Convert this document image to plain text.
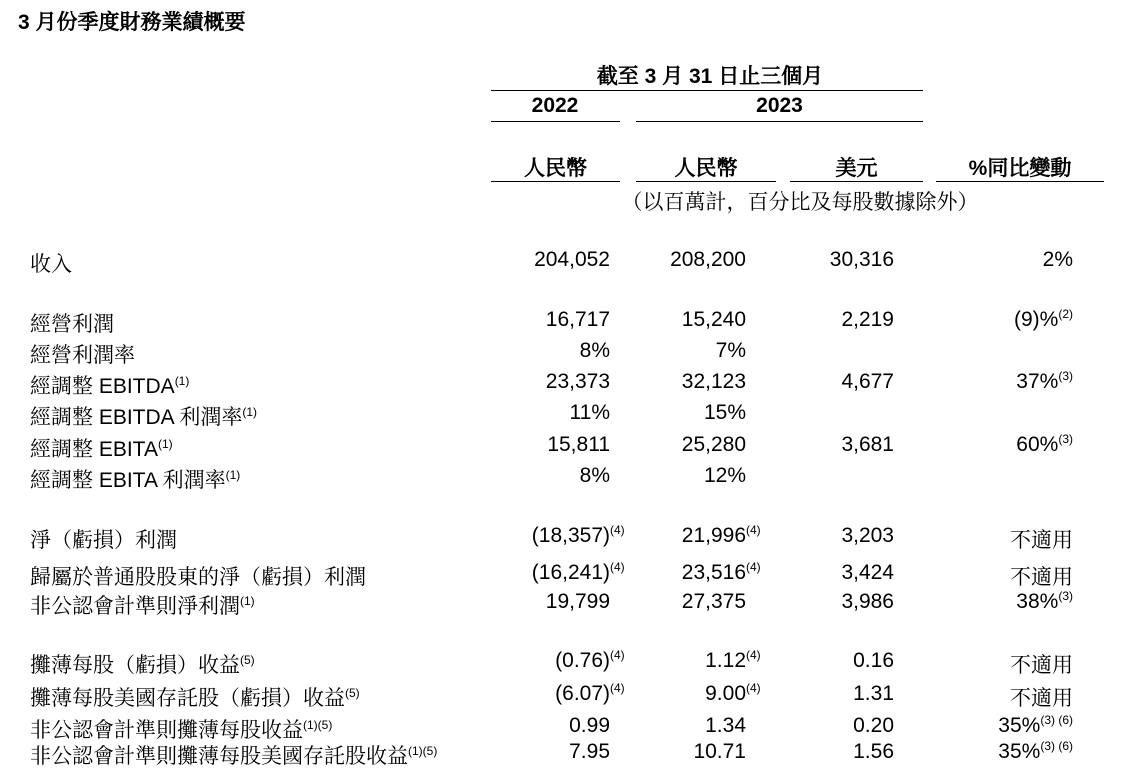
3 月份季度財務業績概要
截至 3 月 31 日止三個月
2022	2023
人民幣	人民幣	美元	%同比變動
（以百萬計，百分比及每股數據除外）
收入	204,052	208,200	30,316	2%
經營利潤	16,717	15,240	2,219	(9)%$^{(2)}$
經營利潤率	8%	7%
經調整 EBITDA$^{(1)}$	23,373	32,123	4,677	37%$^{(3)}$
經調整 EBITDA 利潤率$^{(1)}$	11%	15%
經調整 EBITA$^{(1)}$	15,811	25,280	3,681	60%$^{(3)}$
經調整 EBITA 利潤率$^{(1)}$	8%	12%
淨（虧損）利潤	$(18,357)^{(4)}$	21,996$^{(4)}$	3,203	不適用
歸屬於普通股股東的淨（虧損）利潤	$(16,241)^{(4)}$	23,516$^{(4)}$	3,424	不適用
非公認會計準則淨利潤$^{(1)}$	19,799	27,375	3,986	38%$^{(3)}$
攤薄每股（虧損）收益$^{(5)}$	$(0.76)^{(4)}$	1.12$^{(4)}$	0.16	不適用
攤薄每股美國存託股（虧損）收益$^{(5)}$	$(6.07)^{(4)}$	9.00$^{(4)}$	1.31	不適用
非公認會計準則攤薄每股收益$^{(1)(5)}$	0.99	1.34	0.20	35%$^{(3) (6)}$
非公認會計準則攤薄每股美國存託股收益$^{(1)(5)}$	7.95	10.71	1.56	35%$^{(3) (6)}$
